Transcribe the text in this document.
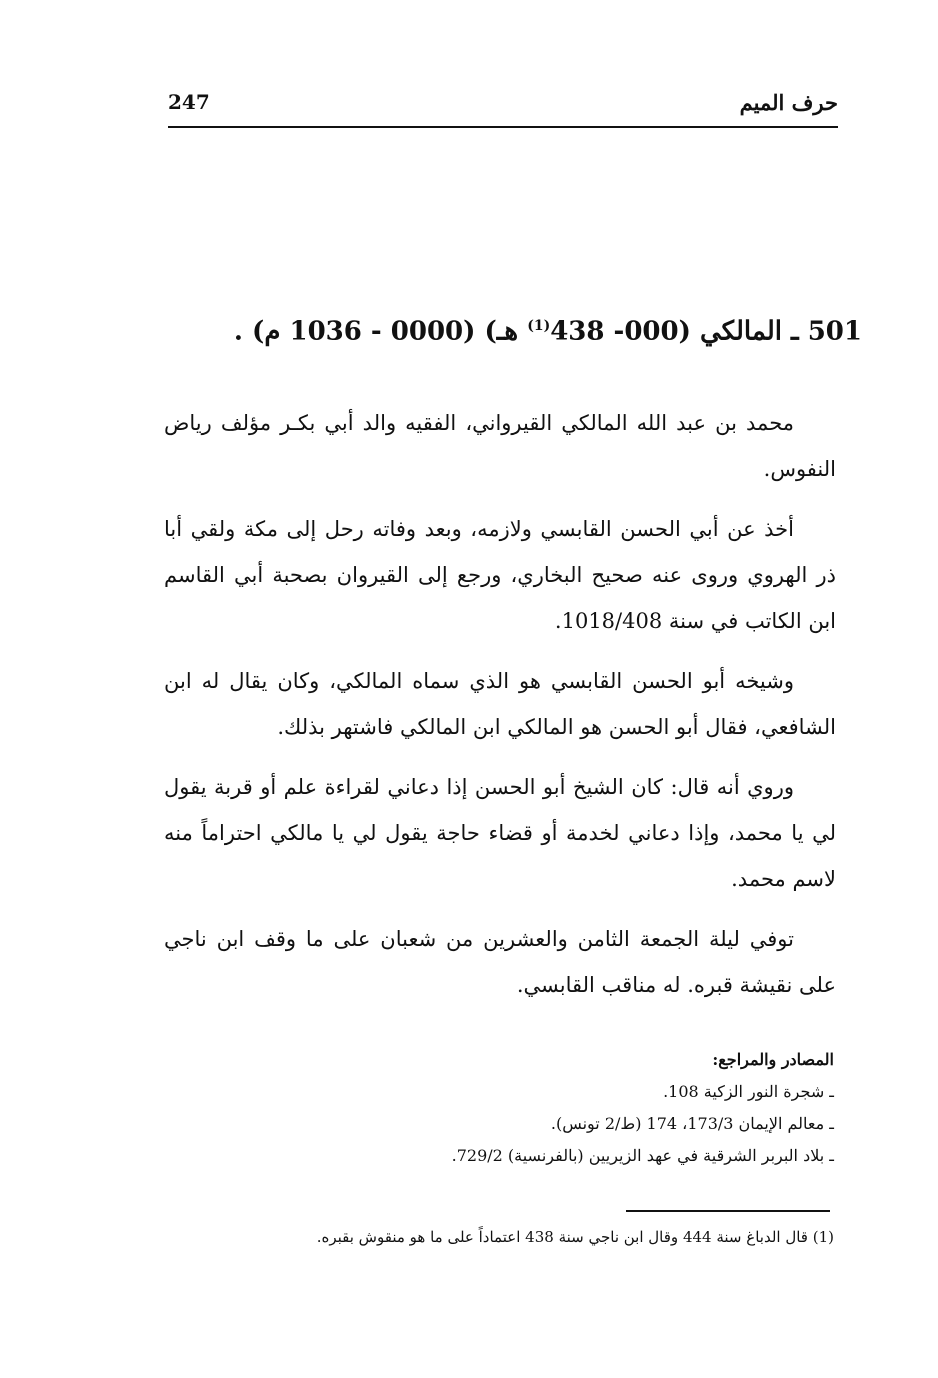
247	حرف الميم
501 ـ المالكي (000- 438$^{(1)}$ هـ) (0000 - 1036 م) .

محمد بن عبد الله المالكي القيرواني، الفقيه والد أبي بكـر مؤلف رياض النفوس.

أخذ عن أبي الحسن القابسي ولازمه، وبعد وفاته رحل إلى مكة ولقي أبا ذر الهروي وروى عنه صحيح البخاري، ورجع إلى القيروان بصحبة أبي القاسم ابن الكاتب في سنة 1018/408.

وشيخه أبو الحسن القابسي هو الذي سماه المالكي، وكان يقال له ابن الشافعي، فقال أبو الحسن هو المالكي ابن المالكي فاشتهر بذلك.

وروي أنه قال: كان الشيخ أبو الحسن إذا دعاني لقراءة علم أو قربة يقول لي يا محمد، وإذا دعاني لخدمة أو قضاء حاجة يقول لي يا مالكي احتراماً منه لاسم محمد.

توفي ليلة الجمعة الثامن والعشرين من شعبان على ما وقف ابن ناجي على نقيشة قبره. له مناقب القابسي.

المصادر والمراجع:
ـ شجرة النور الزكية 108.
ـ معالم الإيمان 173/3، 174 (ط/2 تونس).
ـ بلاد البربر الشرقية في عهد الزيريين (بالفرنسية) 729/2.
(1) قال الدباغ سنة 444 وقال ابن ناجي سنة 438 اعتماداً على ما هو منقوش بقبره.
